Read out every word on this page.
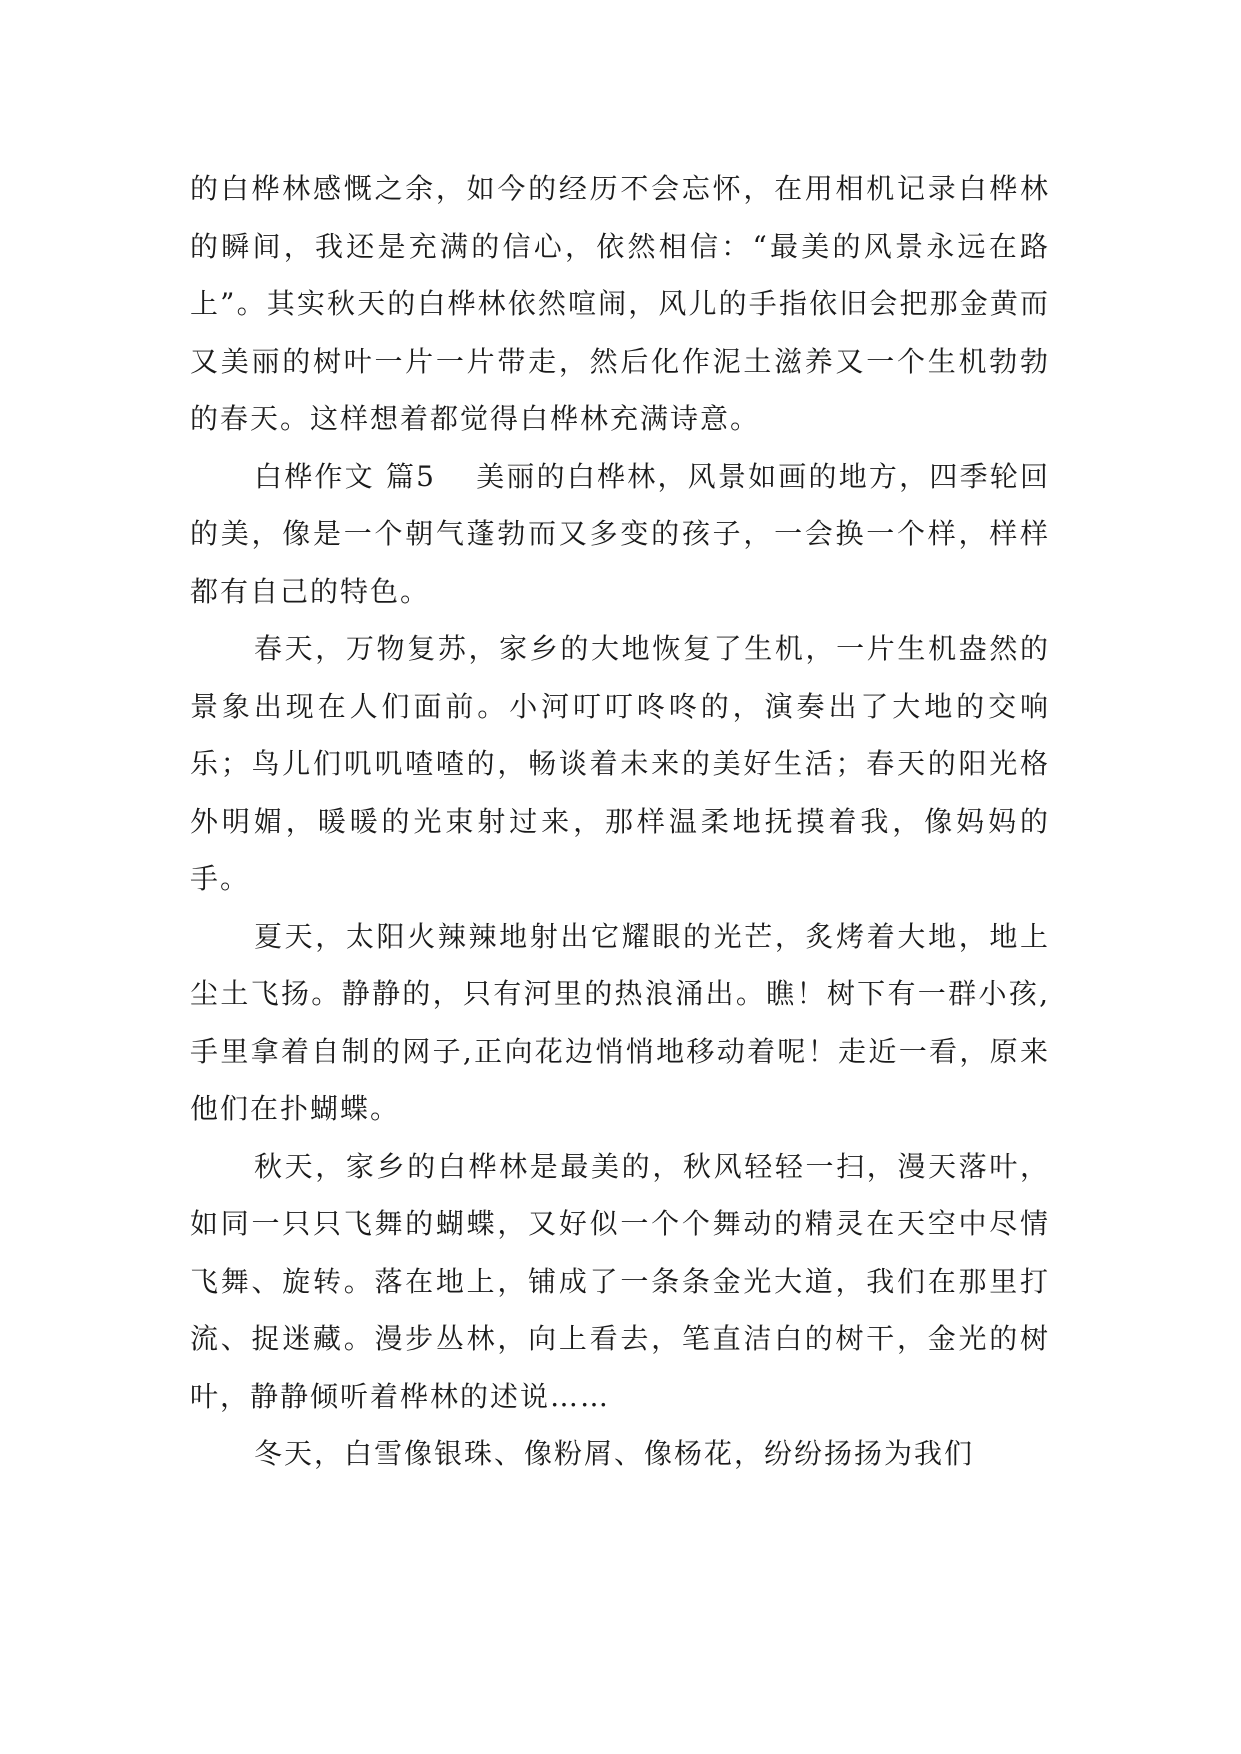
的白桦林感慨之余，如今的经历不会忘怀，在用相机记录白桦林的瞬间，我还是充满的信心，依然相信：“最美的风景永远在路上”。其实秋天的白桦林依然喧闹，风儿的手指依旧会把那金黄而又美丽的树叶一片一片带走，然后化作泥土滋养又一个生机勃勃的春天。这样想着都觉得白桦林充满诗意。

白桦作文 篇5 美丽的白桦林，风景如画的地方，四季轮回的美，像是一个朝气蓬勃而又多变的孩子，一会换一个样，样样都有自己的特色。

春天，万物复苏，家乡的大地恢复了生机，一片生机盎然的景象出现在人们面前。小河叮叮咚咚的，演奏出了大地的交响乐；鸟儿们叽叽喳喳的，畅谈着未来的美好生活；春天的阳光格外明媚，暖暖的光束射过来，那样温柔地抚摸着我，像妈妈的手。

夏天，太阳火辣辣地射出它耀眼的光芒，炙烤着大地，地上尘土飞扬。静静的，只有河里的热浪涌出。瞧！树下有一群小孩,手里拿着自制的网子,正向花边悄悄地移动着呢！走近一看，原来他们在扑蝴蝶。

秋天，家乡的白桦林是最美的，秋风轻轻一扫，漫天落叶，如同一只只飞舞的蝴蝶，又好似一个个舞动的精灵在天空中尽情飞舞、旋转。落在地上，铺成了一条条金光大道，我们在那里打流、捉迷藏。漫步丛林，向上看去，笔直洁白的树干，金光的树叶，静静倾听着桦林的述说……

冬天，白雪像银珠、像粉屑、像杨花，纷纷扬扬为我们
